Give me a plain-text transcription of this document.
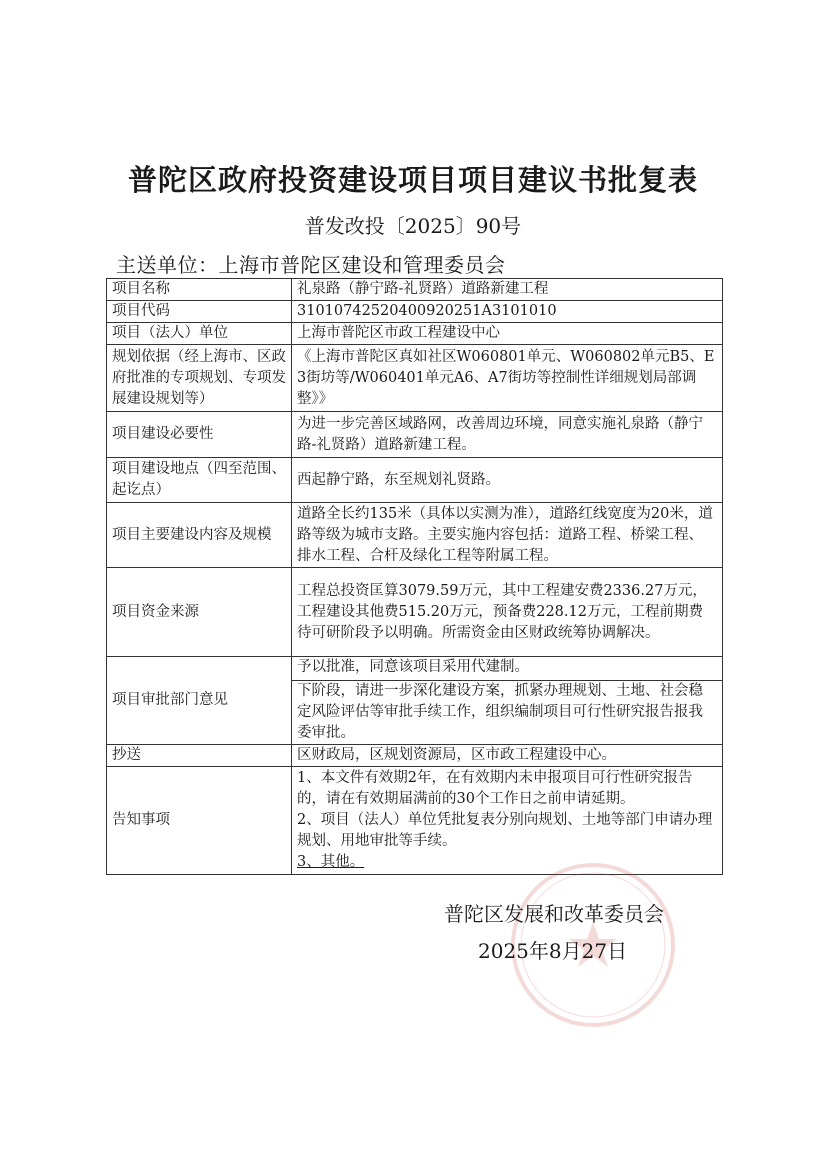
普陀区政府投资建设项目项目建议书批复表

普发改投〔2025〕90号

主送单位：上海市普陀区建设和管理委员会

项目名称	礼泉路（静宁路-礼贤路）道路新建工程
项目代码	31010742520400920251A3101010
项目（法人）单位	上海市普陀区市政工程建设中心
规划依据（经上海市、区政府批准的专项规划、专项发展建设规划等）	《上海市普陀区真如社区W060801单元、W060802单元B5、E3街坊等/W060401单元A6、A7街坊等控制性详细规划局部调整》》
项目建设必要性	为进一步完善区域路网，改善周边环境，同意实施礼泉路（静宁路-礼贤路）道路新建工程。
项目建设地点（四至范围、起讫点）	西起静宁路，东至规划礼贤路。
项目主要建设内容及规模	道路全长约135米（具体以实测为准），道路红线宽度为20米，道路等级为城市支路。主要实施内容包括：道路工程、桥梁工程、排水工程、合杆及绿化工程等附属工程。
项目资金来源	工程总投资匡算3079.59万元，其中工程建安费2336.27万元，工程建设其他费515.20万元，预备费228.12万元，工程前期费待可研阶段予以明确。所需资金由区财政统筹协调解决。
项目审批部门意见	予以批准，同意该项目采用代建制。
下阶段，请进一步深化建设方案，抓紧办理规划、土地、社会稳定风险评估等审批手续工作，组织编制项目可行性研究报告报我委审批。

抄送	区财政局，区规划资源局，区市政工程建设中心。
告知事项	1、本文件有效期2年，在有效期内未申报项目可行性研究报告的，请在有效期届满前的30个工作日之前申请延期。
2、项目（法人）单位凭批复表分别向规划、土地等部门申请办理规划、用地审批等手续。
3、其他。

普陀区发展和改革委员会

2025年8月27日
